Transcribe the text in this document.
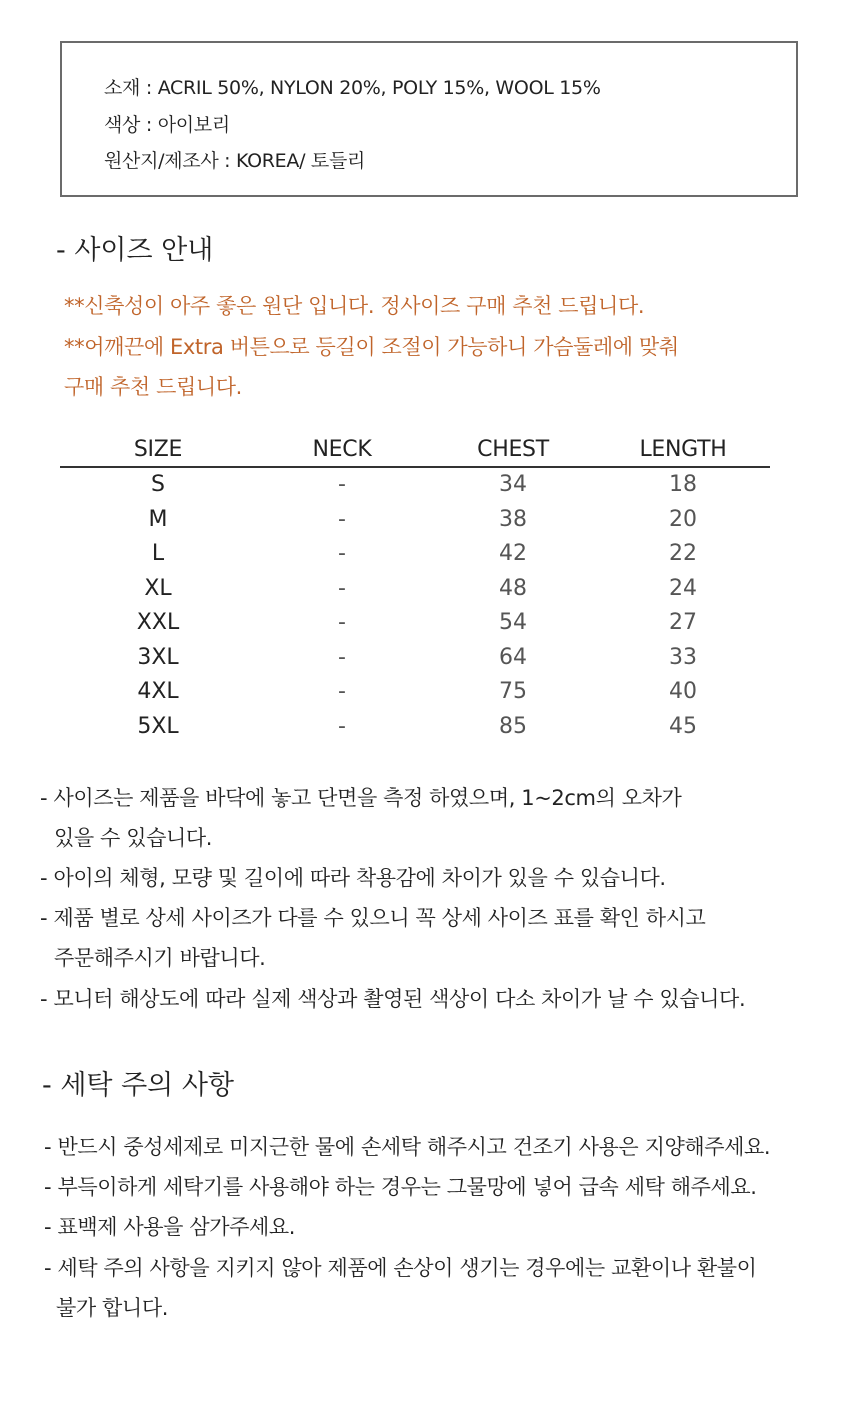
소재 : ACRIL 50%, NYLON 20%, POLY 15%, WOOL 15%
색상 : 아이보리
원산지/제조사 : KOREA/ 토들리
- 사이즈 안내
**신축성이 아주 좋은 원단 입니다. 정사이즈 구매 추천 드립니다.
**어깨끈에 Extra 버튼으로 등길이 조절이 가능하니 가슴둘레에 맞춰
구매 추천 드립니다.
SIZE	NECK	CHEST	LENGTH
S	-	34	18
M	-	38	20
L	-	42	22
XL	-	48	24
XXL	-	54	27
3XL	-	64	33
4XL	-	75	40
5XL	-	85	45
- 사이즈는 제품을 바닥에 놓고 단면을 측정 하였으며, 1~2cm의 오차가
있을 수 있습니다.
- 아이의 체형, 모량 및 길이에 따라 착용감에 차이가 있을 수 있습니다.
- 제품 별로 상세 사이즈가 다를 수 있으니 꼭 상세 사이즈 표를 확인 하시고
주문해주시기 바랍니다.
- 모니터 해상도에 따라 실제 색상과 촬영된 색상이 다소 차이가 날 수 있습니다.
- 세탁 주의 사항
- 반드시 중성세제로 미지근한 물에 손세탁 해주시고 건조기 사용은 지양해주세요.
- 부득이하게 세탁기를 사용해야 하는 경우는 그물망에 넣어 급속 세탁 해주세요.
- 표백제 사용을 삼가주세요.
- 세탁 주의 사항을 지키지 않아 제품에 손상이 생기는 경우에는 교환이나 환불이
불가 합니다.
